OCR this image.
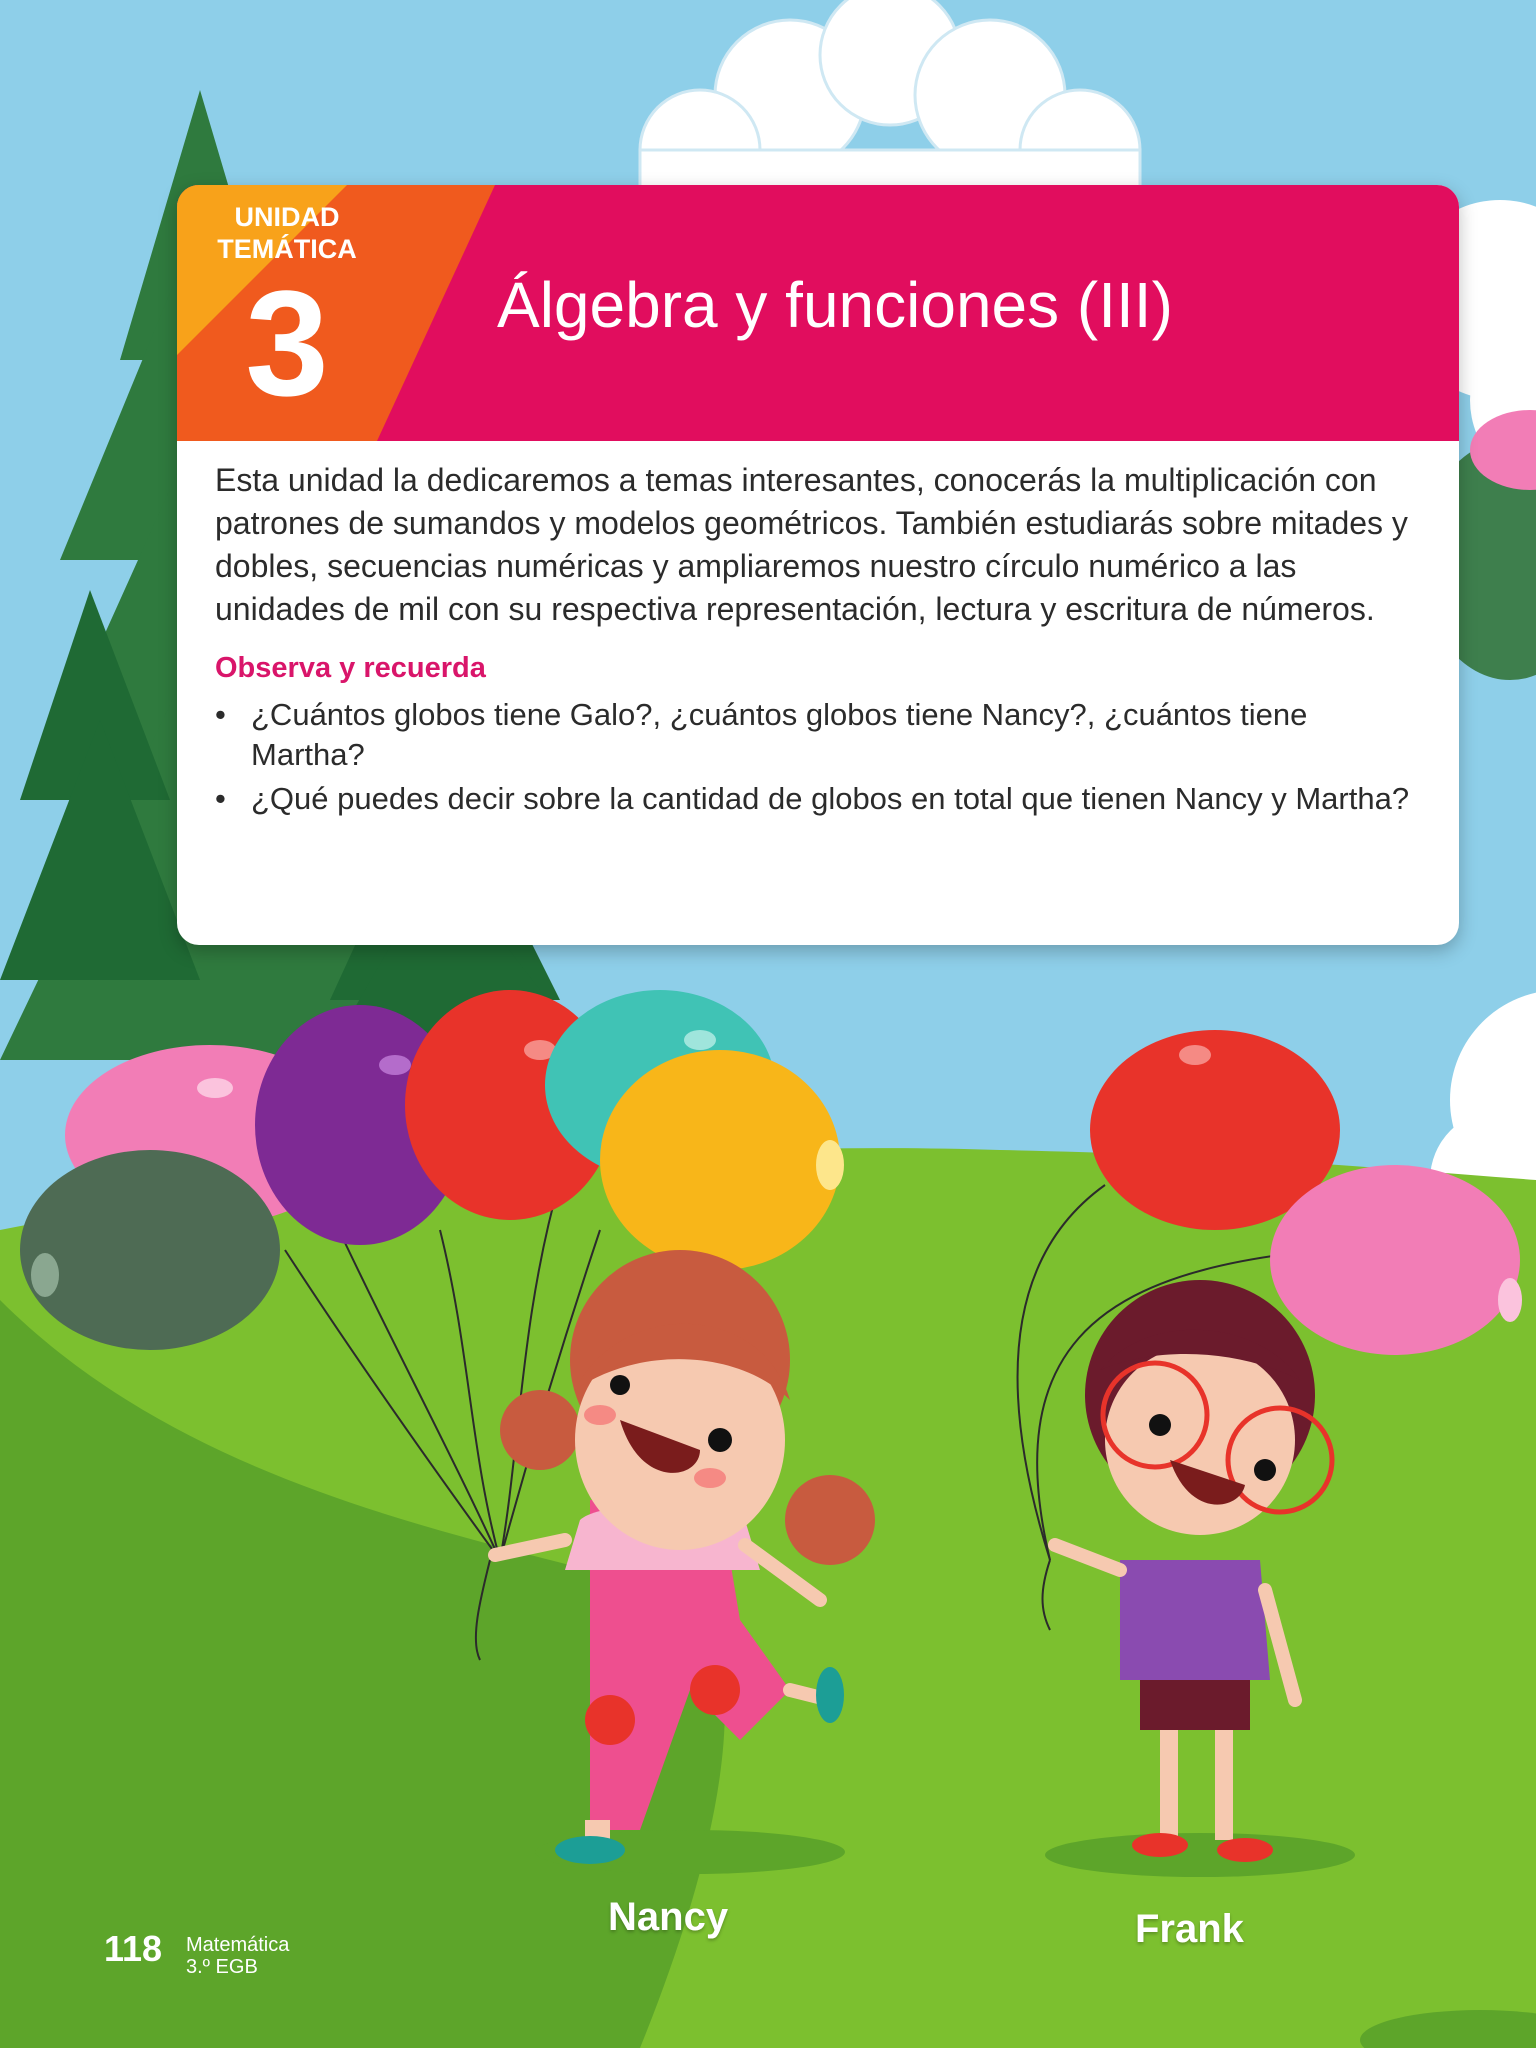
UNIDAD
TEMÁTICA
3	Álgebra y funciones (III)

Esta unidad la dedicaremos a temas interesantes, conocerás la multiplicación con patrones de sumandos y modelos geométricos. También estudiarás sobre mitades y dobles, secuencias numéricas y ampliaremos nuestro círculo numérico a las unidades de mil con su respectiva representación, lectura y escritura de números.

Observa y recuerda
• ¿Cuántos globos tiene Galo?, ¿cuántos globos tiene Nancy?, ¿cuántos tiene Martha?
• ¿Qué puedes decir sobre la cantidad de globos en total que tienen Nancy y Martha?
Nancy	Frank
118 Matemática
3.º EGB
